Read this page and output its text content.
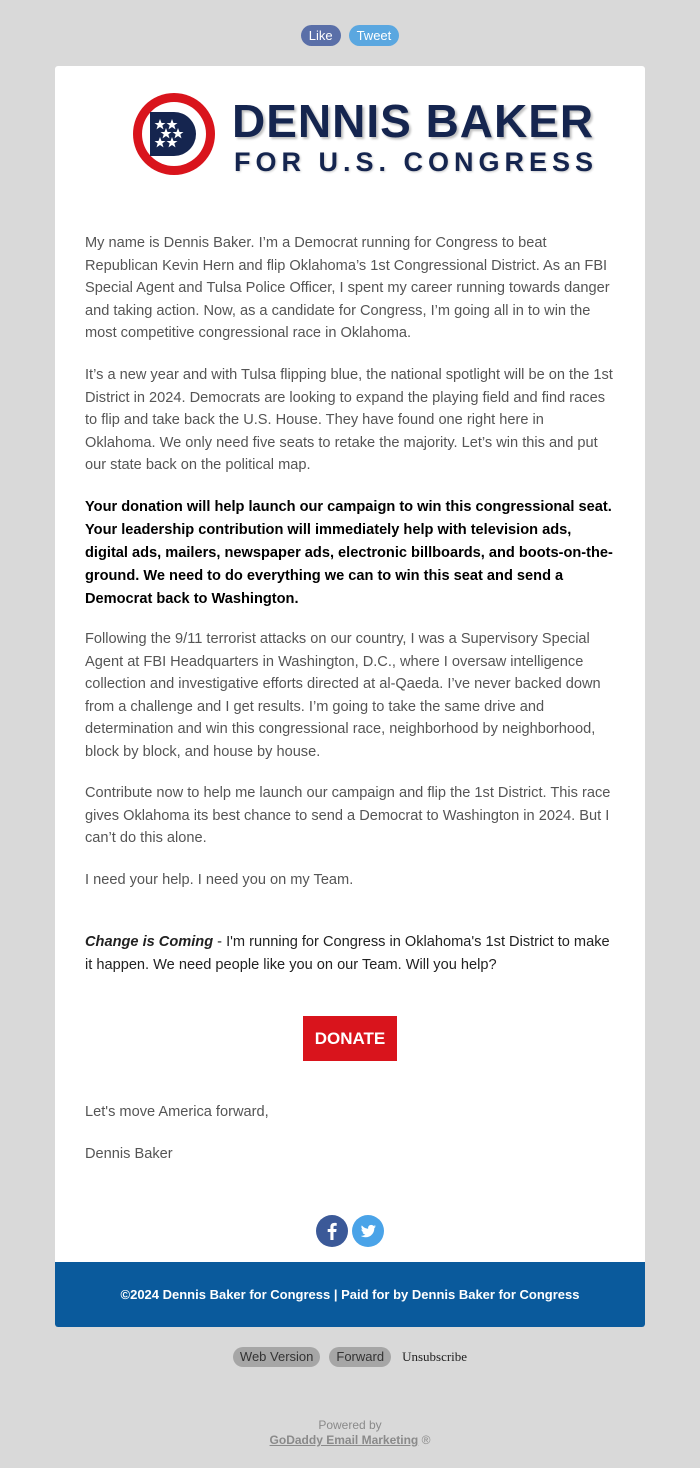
Like	Tweet
DENNIS BAKER
FOR U.S. CONGRESS

My name is Dennis Baker. I’m a Democrat running for Congress to beat Republican Kevin Hern and flip Oklahoma’s 1st Congressional District. As an FBI Special Agent and Tulsa Police Officer, I spent my career running towards danger and taking action. Now, as a candidate for Congress, I’m going all in to win the most competitive congressional race in Oklahoma.

It’s a new year and with Tulsa flipping blue, the national spotlight will be on the 1st District in 2024. Democrats are looking to expand the playing field and find races to flip and take back the U.S. House. They have found one right here in Oklahoma. We only need five seats to retake the majority. Let’s win this and put our state back on the political map.

Your donation will help launch our campaign to win this congressional seat. Your leadership contribution will immediately help with television ads, digital ads, mailers, newspaper ads, electronic billboards, and boots-on-the-ground. We need to do everything we can to win this seat and send a Democrat back to Washington.

Following the 9/11 terrorist attacks on our country, I was a Supervisory Special Agent at FBI Headquarters in Washington, D.C., where I oversaw intelligence collection and investigative efforts directed at al-Qaeda. I’ve never backed down from a challenge and I get results. I’m going to take the same drive and determination and win this congressional race, neighborhood by neighborhood, block by block, and house by house.

Contribute now to help me launch our campaign and flip the 1st District. This race gives Oklahoma its best chance to send a Democrat to Washington in 2024. But I can’t do this alone.

I need your help. I need you on my Team.

Change is Coming - I'm running for Congress in Oklahoma's 1st District to make it happen. We need people like you on our Team. Will you help?

DONATE

Let's move America forward,

Dennis Baker

©2024 Dennis Baker for Congress | Paid for by Dennis Baker for Congress
Web Version	Forward	Unsubscribe
Powered by
GoDaddy Email Marketing ®
